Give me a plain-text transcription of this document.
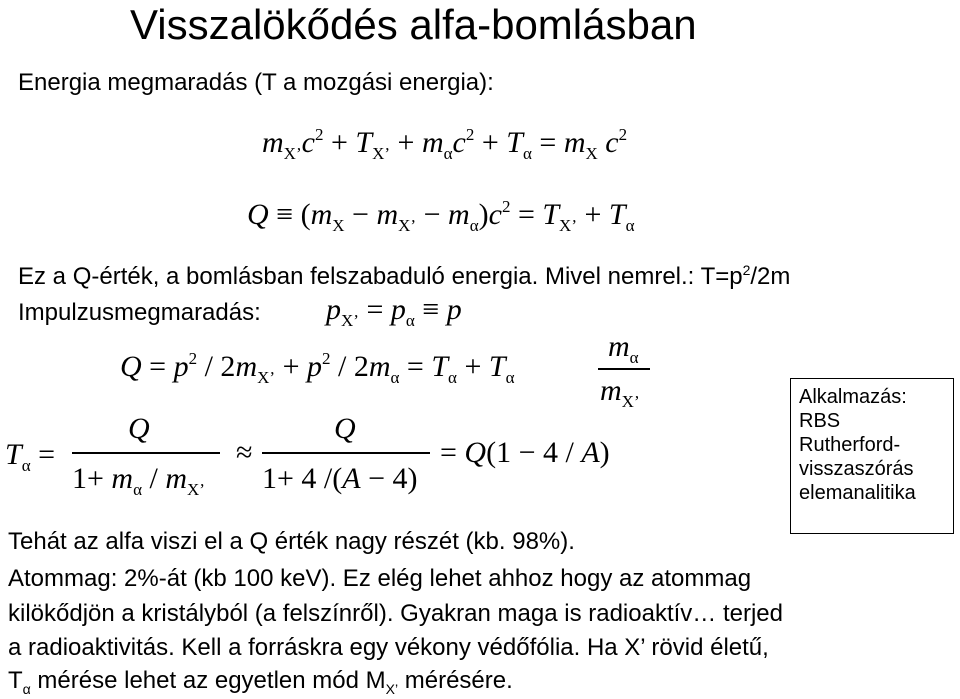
Visszalökődés alfa-bomlásban
Energia megmaradás (T a mozgási energia):
$m_{X’}c^2 + T_{X’} + m_\alpha c^2 + T_\alpha = m_X$ $c^2$
$Q \equiv (m_X - m_{X’} - m_\alpha)c^2 = T_{X’} + T_\alpha$
Ez a Q-érték, a bomlásban felszabaduló energia. Mivel nemrel.: $T=p^2/2m$
Impulzusmegmaradás: $p_{X’} = p_\alpha \equiv p$
$Q = p^2 / 2m_{X’} + p^2 / 2m_\alpha = T_\alpha + T_\alpha$
$m_\alpha$
$m_{X’}$
$T_\alpha$ =
Q
$1+ m_\alpha / m_{X’}$
≈
Q
1+ 4 /(A − 4)
= Q(1 − 4 / A)
Alkalmazás:
RBS
Rutherford-
visszaszórás
elemanalitika
Tehát az alfa viszi el a Q érték nagy részét (kb. 98%).
Atommag: 2%-át (kb 100 keV). Ez elég lehet ahhoz hogy az atommag
kilökődjön a kristályból (a felszínről). Gyakran maga is radioaktív… terjed
a radioaktivitás. Kell a forráskra egy vékony védőfólia. Ha X’ rövid életű,
$T_\alpha$ mérése lehet az egyetlen mód $M_{X’}$ mérésére.
